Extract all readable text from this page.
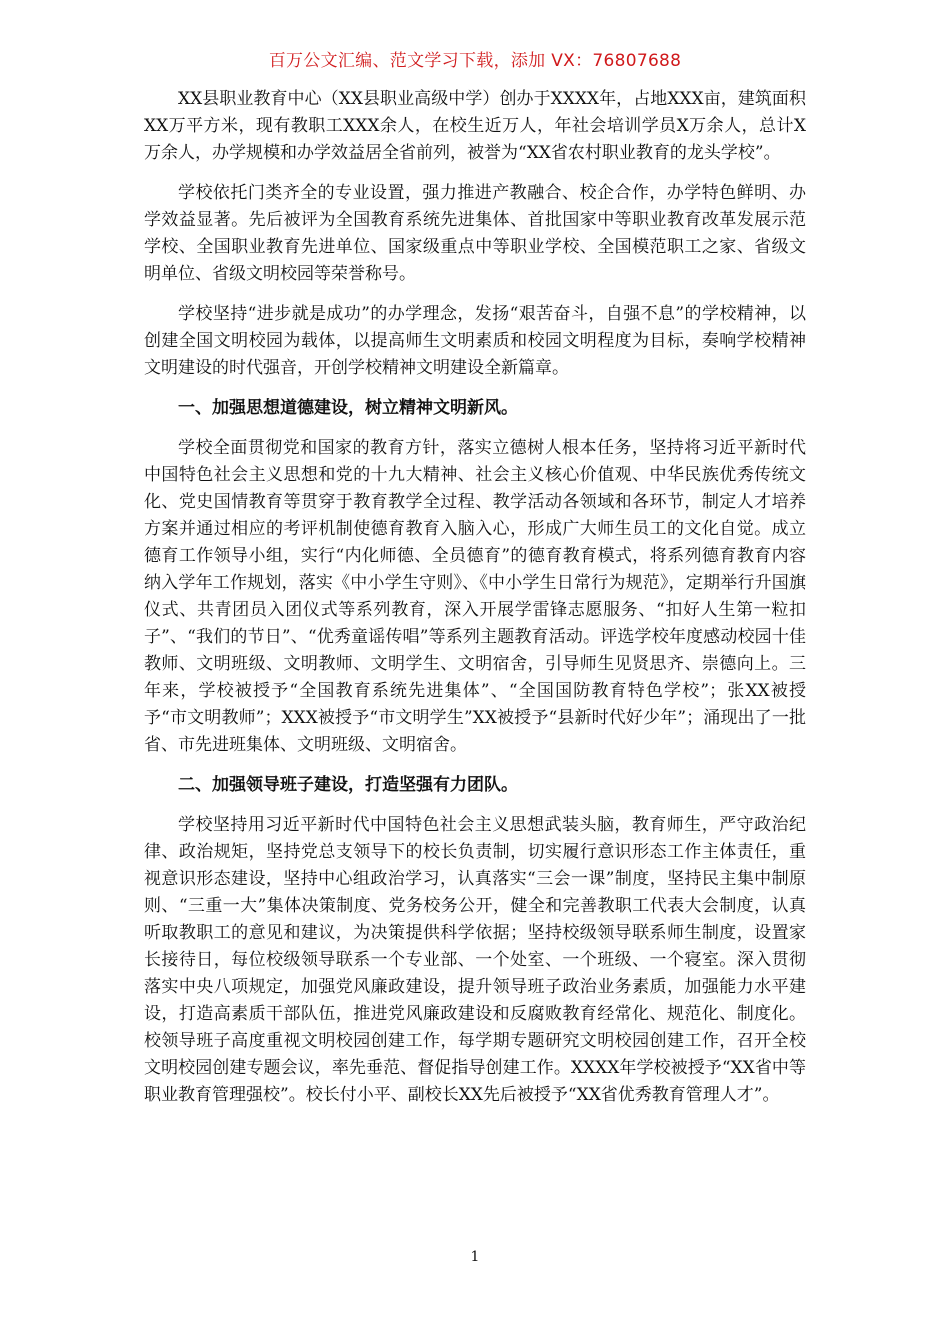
百万公文汇编、范文学习下载，添加 VX：76807688

XX县职业教育中心（XX县职业高级中学）创办于XXXX年，占地XXX亩，建筑面积XX万平方米，现有教职工XXX余人，在校生近万人，年社会培训学员X万余人，总计X万余人，办学规模和办学效益居全省前列，被誉为“XX省农村职业教育的龙头学校”。

学校依托门类齐全的专业设置，强力推进产教融合、校企合作，办学特色鲜明、办学效益显著。先后被评为全国教育系统先进集体、首批国家中等职业教育改革发展示范学校、全国职业教育先进单位、国家级重点中等职业学校、全国模范职工之家、省级文明单位、省级文明校园等荣誉称号。

学校坚持“进步就是成功”的办学理念，发扬“艰苦奋斗，自强不息”的学校精神，以创建全国文明校园为载体，以提高师生文明素质和校园文明程度为目标，奏响学校精神文明建设的时代强音，开创学校精神文明建设全新篇章。

一、加强思想道德建设，树立精神文明新风。

学校全面贯彻党和国家的教育方针，落实立德树人根本任务，坚持将习近平新时代中国特色社会主义思想和党的十九大精神、社会主义核心价值观、中华民族优秀传统文化、党史国情教育等贯穿于教育教学全过程、教学活动各领域和各环节，制定人才培养方案并通过相应的考评机制使德育教育入脑入心，形成广大师生员工的文化自觉。成立德育工作领导小组，实行“内化师德、全员德育”的德育教育模式，将系列德育教育内容纳入学年工作规划，落实《中小学生守则》、《中小学生日常行为规范》，定期举行升国旗仪式、共青团员入团仪式等系列教育，深入开展学雷锋志愿服务、“扣好人生第一粒扣子”、“我们的节日”、“优秀童谣传唱”等系列主题教育活动。评选学校年度感动校园十佳教师、文明班级、文明教师、文明学生、文明宿舍，引导师生见贤思齐、崇德向上。三年来，学校被授予“全国教育系统先进集体”、“全国国防教育特色学校”；张XX被授予“市文明教师”；XXX被授予“市文明学生”XX被授予“县新时代好少年”；涌现出了一批省、市先进班集体、文明班级、文明宿舍。

二、加强领导班子建设，打造坚强有力团队。

学校坚持用习近平新时代中国特色社会主义思想武装头脑，教育师生，严守政治纪律、政治规矩，坚持党总支领导下的校长负责制，切实履行意识形态工作主体责任，重视意识形态建设，坚持中心组政治学习，认真落实“三会一课”制度，坚持民主集中制原则、“三重一大”集体决策制度、党务校务公开，健全和完善教职工代表大会制度，认真听取教职工的意见和建议，为决策提供科学依据；坚持校级领导联系师生制度，设置家长接待日，每位校级领导联系一个专业部、一个处室、一个班级、一个寝室。深入贯彻落实中央八项规定，加强党风廉政建设，提升领导班子政治业务素质，加强能力水平建设，打造高素质干部队伍，推进党风廉政建设和反腐败教育经常化、规范化、制度化。校领导班子高度重视文明校园创建工作，每学期专题研究文明校园创建工作，召开全校文明校园创建专题会议，率先垂范、督促指导创建工作。XXXX年学校被授予“XX省中等职业教育管理强校”。校长付小平、副校长XX先后被授予“XX省优秀教育管理人才”。

1
